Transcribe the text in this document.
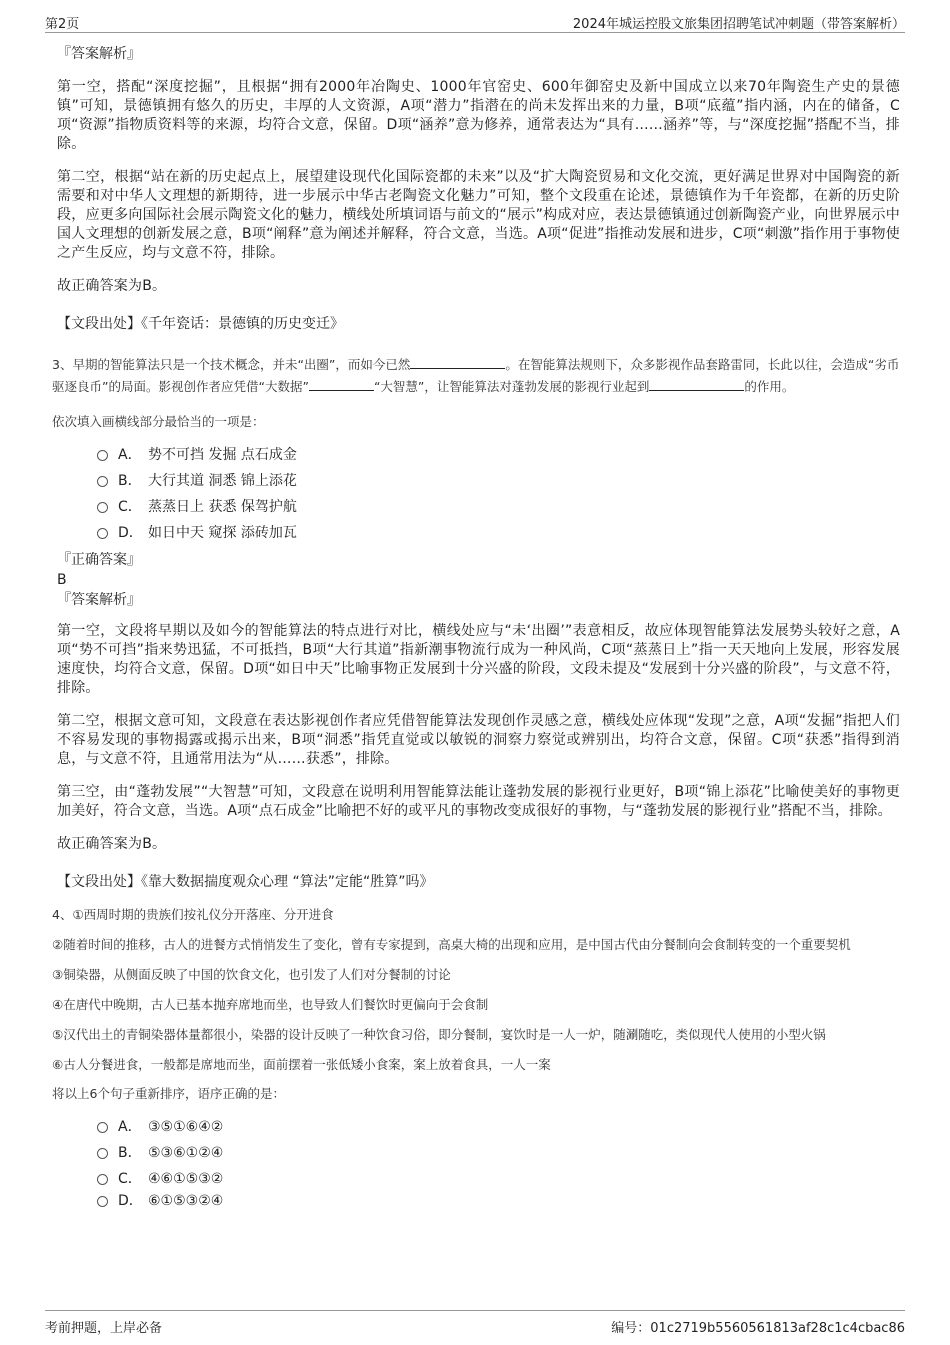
第2页	2024年城运控股文旅集团招聘笔试冲刺题（带答案解析）
『答案解析』

第一空，搭配“深度挖掘”，且根据“拥有2000年冶陶史、1000年官窑史、600年御窑史及新中国成立以来70年陶瓷生产史的景德镇”可知，景德镇拥有悠久的历史，丰厚的人文资源，A项“潜力”指潜在的尚未发挥出来的力量，B项“底蕴”指内涵，内在的储备，C项“资源”指物质资料等的来源，均符合文意，保留。D项“涵养”意为修养，通常表达为“具有……涵养”等，与“深度挖掘”搭配不当，排除。

第二空，根据“站在新的历史起点上，展望建设现代化国际瓷都的未来”以及“扩大陶瓷贸易和文化交流，更好满足世界对中国陶瓷的新需要和对中华人文理想的新期待，进一步展示中华古老陶瓷文化魅力”可知，整个文段重在论述，景德镇作为千年瓷都，在新的历史阶段，应更多向国际社会展示陶瓷文化的魅力，横线处所填词语与前文的“展示”构成对应，表达景德镇通过创新陶瓷产业，向世界展示中国人文理想的创新发展之意，B项“阐释”意为阐述并解释，符合文意，当选。A项“促进”指推动发展和进步，C项“刺激”指作用于事物使之产生反应，均与文意不符，排除。

故正确答案为B。

【文段出处】《千年瓷话：景德镇的历史变迁》

3、早期的智能算法只是一个技术概念，并未“出圈”，而如今已然	。在智能算法规则下，众多影视作品套路雷同，长此以往，会造成“劣币驱逐良币”的局面。影视创作者应凭借“大数据”	“大智慧”，让智能算法对蓬勃发展的影视行业起到	的作用。

依次填入画横线部分最恰当的一项是：
A． 势不可挡 发掘 点石成金
B． 大行其道 洞悉 锦上添花
C． 蒸蒸日上 获悉 保驾护航
D． 如日中天 窥探 添砖加瓦
『正确答案』
B
『答案解析』

第一空，文段将早期以及如今的智能算法的特点进行对比，横线处应与“未‘出圈’”表意相反，故应体现智能算法发展势头较好之意，A项“势不可挡”指来势迅猛，不可抵挡，B项“大行其道”指新潮事物流行成为一种风尚，C项“蒸蒸日上”指一天天地向上发展，形容发展速度快，均符合文意，保留。D项“如日中天”比喻事物正发展到十分兴盛的阶段，文段未提及“发展到十分兴盛的阶段”，与文意不符，排除。

第二空，根据文意可知，文段意在表达影视创作者应凭借智能算法发现创作灵感之意，横线处应体现“发现”之意，A项“发掘”指把人们不容易发现的事物揭露或揭示出来，B项“洞悉”指凭直觉或以敏锐的洞察力察觉或辨别出，均符合文意，保留。C项“获悉”指得到消息，与文意不符，且通常用法为“从……获悉”，排除。

第三空，由“蓬勃发展”“大智慧”可知，文段意在说明利用智能算法能让蓬勃发展的影视行业更好，B项“锦上添花”比喻使美好的事物更加美好，符合文意，当选。A项“点石成金”比喻把不好的或平凡的事物改变成很好的事物，与“蓬勃发展的影视行业”搭配不当，排除。

故正确答案为B。

【文段出处】《靠大数据揣度观众心理 “算法”定能“胜算”吗》

4、①西周时期的贵族们按礼仪分开落座、分开进食

②随着时间的推移，古人的进餐方式悄悄发生了变化，曾有专家提到，高桌大椅的出现和应用，是中国古代由分餐制向会食制转变的一个重要契机

③铜染器，从侧面反映了中国的饮食文化，也引发了人们对分餐制的讨论

④在唐代中晚期，古人已基本抛弃席地而坐，也导致人们餐饮时更偏向于会食制

⑤汉代出土的青铜染器体量都很小，染器的设计反映了一种饮食习俗，即分餐制，宴饮时是一人一炉，随涮随吃，类似现代人使用的小型火锅

⑥古人分餐进食，一般都是席地而坐，面前摆着一张低矮小食案，案上放着食具，一人一案

将以上6个句子重新排序，语序正确的是：
A． ③⑤①⑥④②
B． ⑤③⑥①②④
C． ④⑥①⑤③②
D． ⑥①⑤③②④
考前押题，上岸必备	编号：01c2719b5560561813af28c1c4cbac86
